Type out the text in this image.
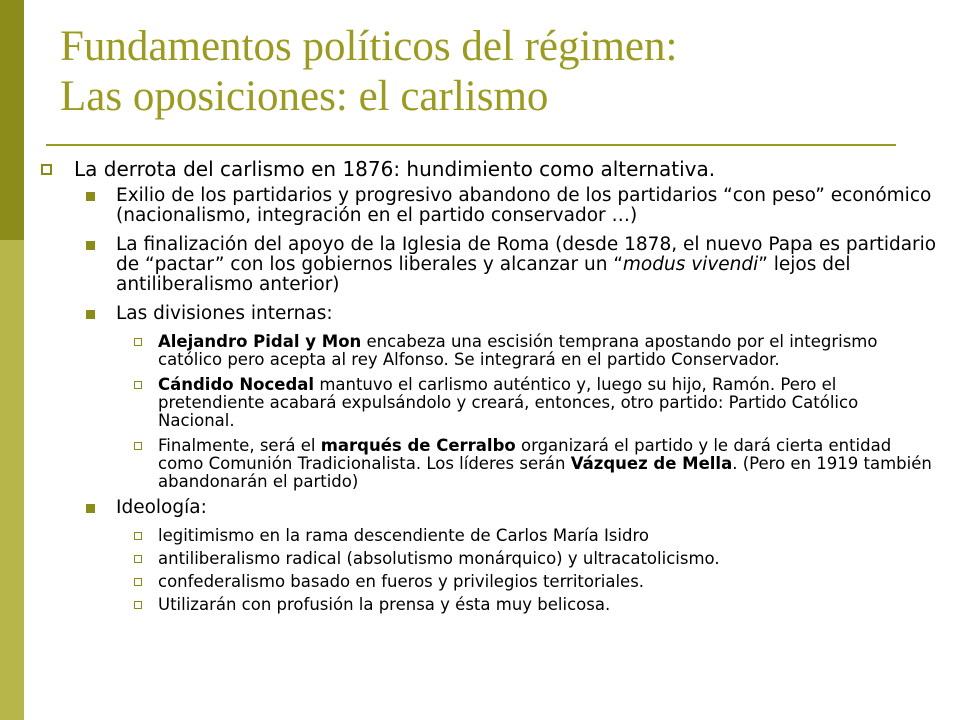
Fundamentos políticos del régimen:
Las oposiciones: el carlismo
La derrota del carlismo en 1876: hundimiento como alternativa.
Exilio de los partidarios y progresivo abandono de los partidarios “con peso” económico (nacionalismo, integración en el partido conservador …)
La finalización del apoyo de la Iglesia de Roma (desde 1878, el nuevo Papa es partidario de “pactar” con los gobiernos liberales y alcanzar un “modus vivendi” lejos del antiliberalismo anterior)
Las divisiones internas:
Alejandro Pidal y Mon encabeza una escisión temprana apostando por el integrismo católico pero acepta al rey Alfonso. Se integrará en el partido Conservador.
Cándido Nocedal mantuvo el carlismo auténtico y, luego su hijo, Ramón. Pero el pretendiente acabará expulsándolo y creará, entonces, otro partido: Partido Católico Nacional.
Finalmente, será el marqués de Cerralbo organizará el partido y le dará cierta entidad como Comunión Tradicionalista. Los líderes serán Vázquez de Mella. (Pero en 1919 también abandonarán el partido)
Ideología:
legitimismo en la rama descendiente de Carlos María Isidro
antiliberalismo radical (absolutismo monárquico) y ultracatolicismo.
confederalismo basado en fueros y privilegios territoriales.
Utilizarán con profusión la prensa y ésta muy belicosa.
